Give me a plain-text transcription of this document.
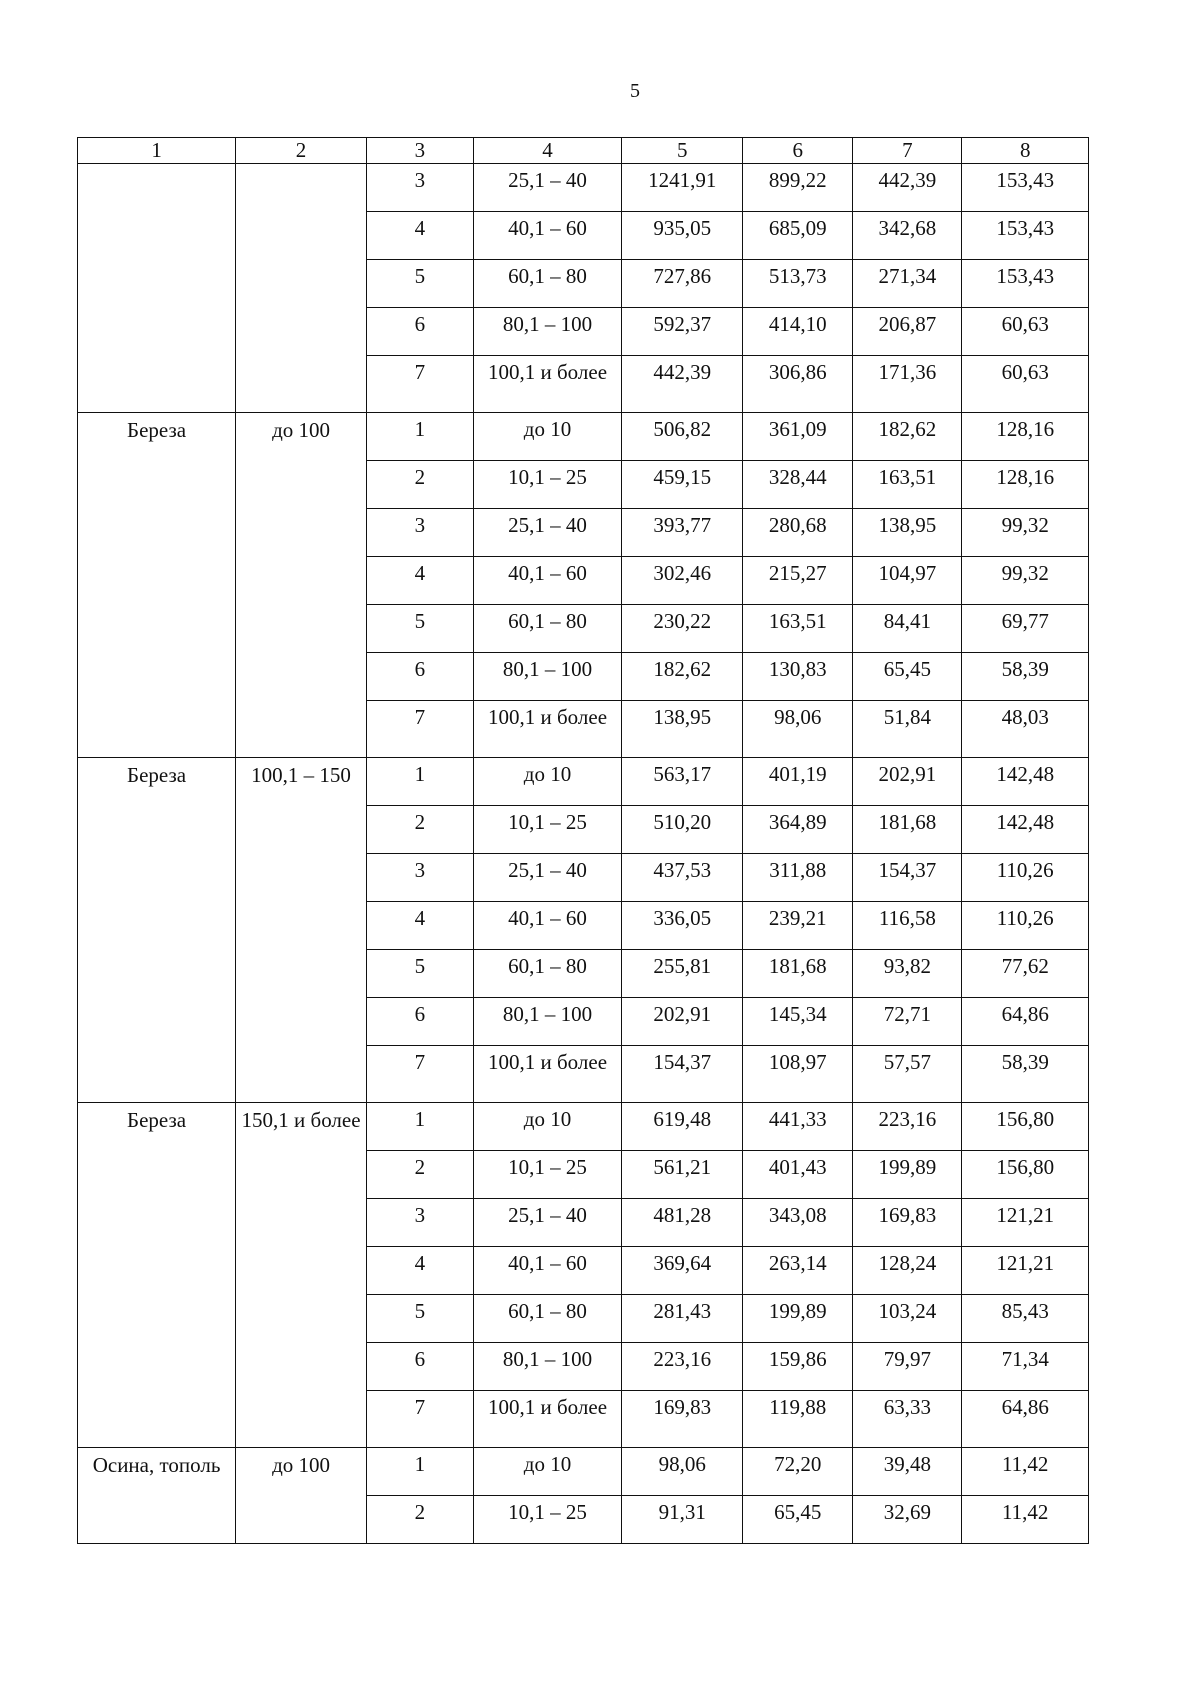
5
1	2	3	4	5	6	7	8
		3	25,1 – 40	1241,91	899,22	442,39	153,43
		4	40,1 – 60	935,05	685,09	342,68	153,43
		5	60,1 – 80	727,86	513,73	271,34	153,43
		6	80,1 – 100	592,37	414,10	206,87	60,63
		7	100,1 и более	442,39	306,86	171,36	60,63
Береза	до 100	1	до 10	506,82	361,09	182,62	128,16
		2	10,1 – 25	459,15	328,44	163,51	128,16
		3	25,1 – 40	393,77	280,68	138,95	99,32
		4	40,1 – 60	302,46	215,27	104,97	99,32
		5	60,1 – 80	230,22	163,51	84,41	69,77
		6	80,1 – 100	182,62	130,83	65,45	58,39
		7	100,1 и более	138,95	98,06	51,84	48,03
Береза	100,1 – 150	1	до 10	563,17	401,19	202,91	142,48
		2	10,1 – 25	510,20	364,89	181,68	142,48
		3	25,1 – 40	437,53	311,88	154,37	110,26
		4	40,1 – 60	336,05	239,21	116,58	110,26
		5	60,1 – 80	255,81	181,68	93,82	77,62
		6	80,1 – 100	202,91	145,34	72,71	64,86
		7	100,1 и более	154,37	108,97	57,57	58,39
Береза	150,1 и более	1	до 10	619,48	441,33	223,16	156,80
		2	10,1 – 25	561,21	401,43	199,89	156,80
		3	25,1 – 40	481,28	343,08	169,83	121,21
		4	40,1 – 60	369,64	263,14	128,24	121,21
		5	60,1 – 80	281,43	199,89	103,24	85,43
		6	80,1 – 100	223,16	159,86	79,97	71,34
		7	100,1 и более	169,83	119,88	63,33	64,86
Осина, тополь	до 100	1	до 10	98,06	72,20	39,48	11,42
		2	10,1 – 25	91,31	65,45	32,69	11,42
